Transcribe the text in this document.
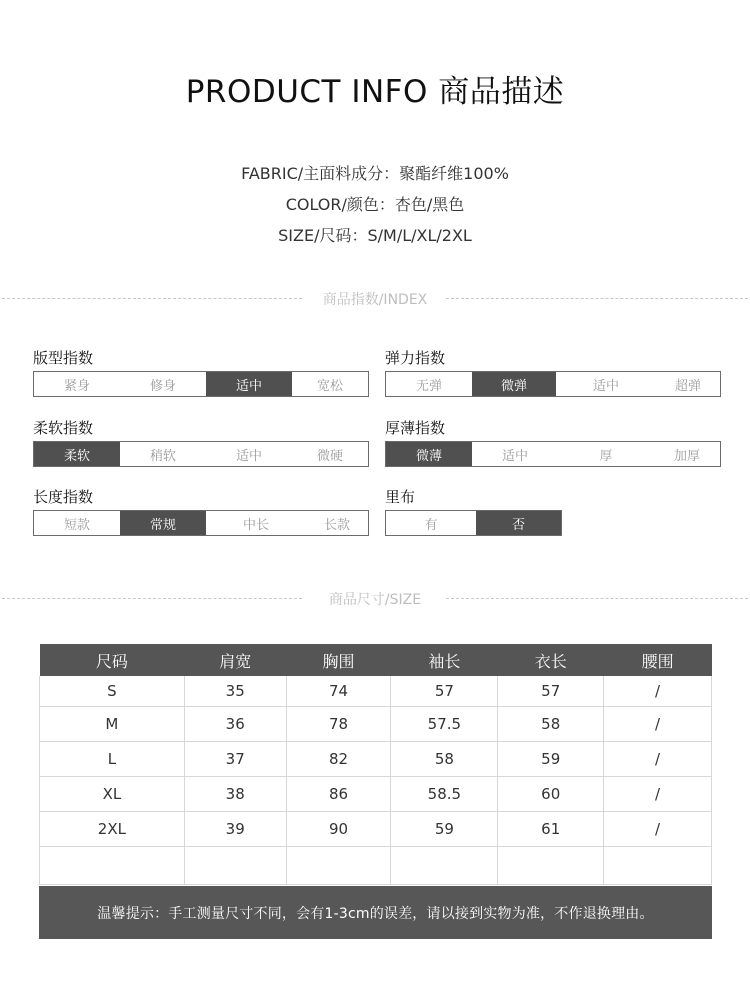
PRODUCT INFO 商品描述
FABRIC/主面料成分：聚酯纤维100%
COLOR/颜色：杏色/黑色
SIZE/尺码：S/M/L/XL/2XL
商品指数/INDEX
版型指数
紧身	修身	适中	宽松
弹力指数
无弹	微弹	适中	超弹
柔软指数
柔软	稍软	适中	微硬
厚薄指数
微薄	适中	厚	加厚
长度指数
短款	常规	中长	长款
里布
有	否
商品尺寸/SIZE
尺码	肩宽	胸围	袖长	衣长	腰围
S	35	74	57	57	/
M	36	78	57.5	58	/
L	37	82	58	59	/
XL	38	86	58.5	60	/
2XL	39	90	59	61	/

温馨提示：手工测量尺寸不同，会有1-3cm的误差，请以接到实物为准，不作退换理由。
